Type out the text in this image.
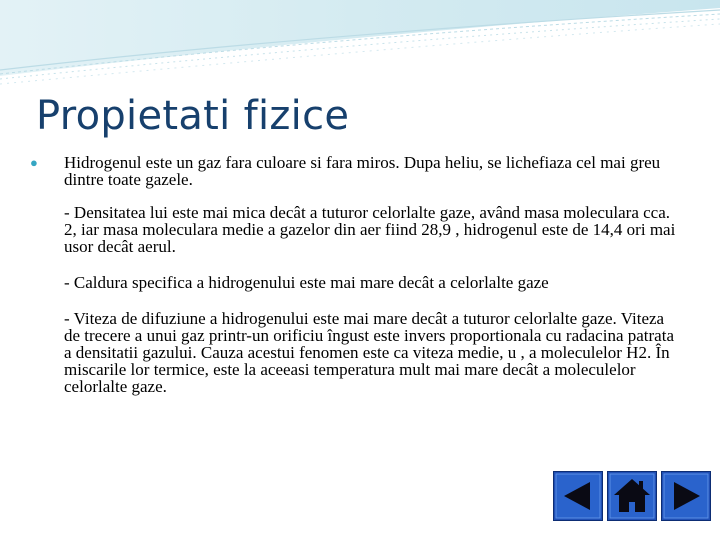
Propietati fizice

● Hidrogenul este un gaz fara culoare si fara miros. Dupa heliu, se lichefiaza cel mai greu dintre toate gazele.

- Densitatea lui este mai mica decât a tuturor celorlalte gaze, având masa moleculara cca. 2, iar masa moleculara medie a gazelor din aer fiind 28,9 , hidrogenul este de 14,4 ori mai usor decât aerul.

- Caldura specifica a hidrogenului este mai mare decât a celorlalte gaze

- Viteza de difuziune a hidrogenului este mai mare decât a tuturor celorlalte gaze. Viteza de trecere a unui gaz printr-un orificiu îngust este invers proportionala cu radacina patrata a densitatii gazului. Cauza acestui fenomen este ca viteza medie, u , a moleculelor H2. În miscarile lor termice, este la aceeasi temperatura mult mai mare decât a moleculelor celorlalte gaze.
